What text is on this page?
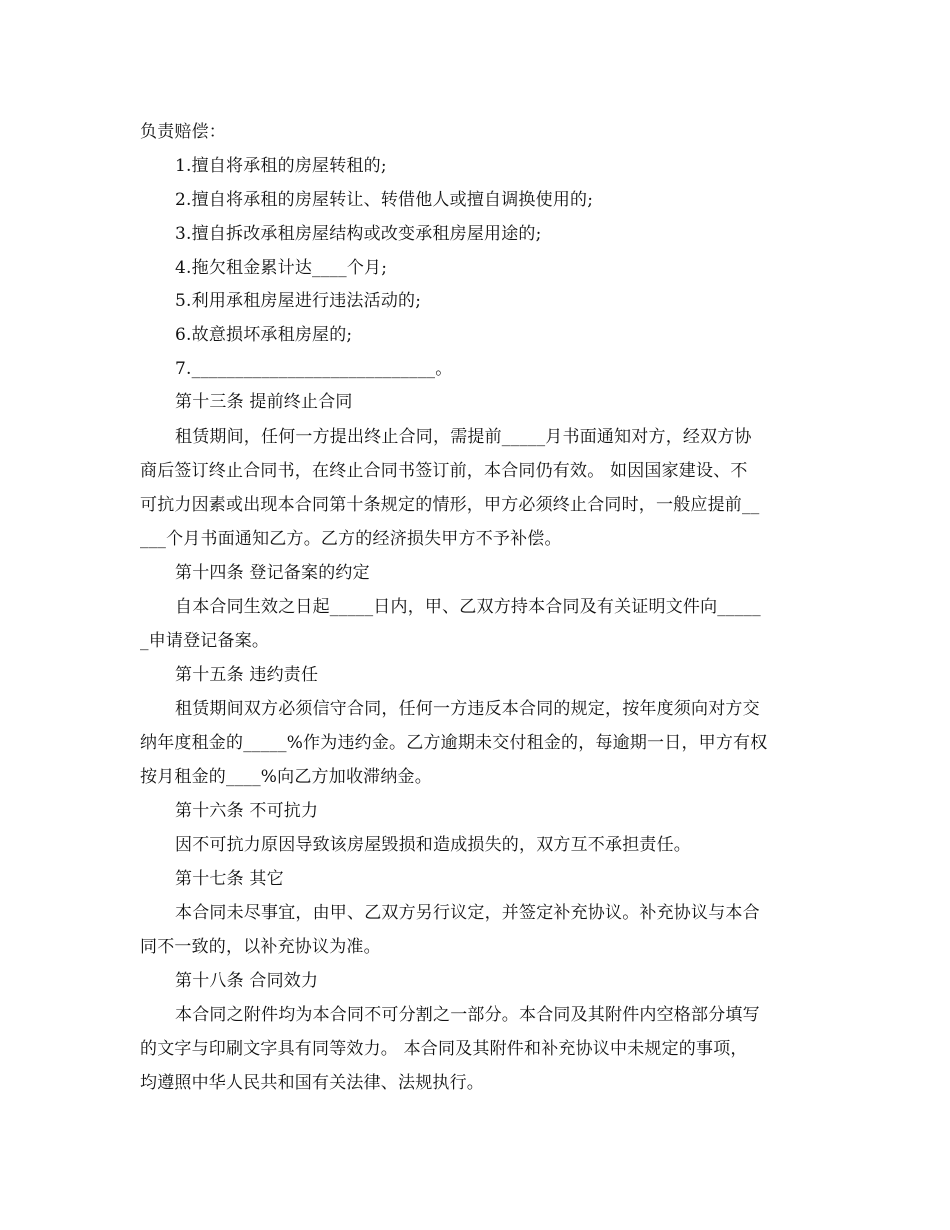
负责赔偿：
1.擅自将承租的房屋转租的;
2.擅自将承租的房屋转让、转借他人或擅自调换使用的;
3.擅自拆改承租房屋结构或改变承租房屋用途的;
4.拖欠租金累计达____个月;
5.利用承租房屋进行违法活动的;
6.故意损坏承租房屋的;
7.____________________________。
第十三条 提前终止合同
租赁期间，任何一方提出终止合同，需提前_____月书面通知对方，经双方协
商后签订终止合同书，在终止合同书签订前，本合同仍有效。 如因国家建设、不
可抗力因素或出现本合同第十条规定的情形，甲方必须终止合同时，一般应提前__
___个月书面通知乙方。乙方的经济损失甲方不予补偿。
第十四条 登记备案的约定
自本合同生效之日起_____日内，甲、乙双方持本合同及有关证明文件向_____
_申请登记备案。
第十五条 违约责任
租赁期间双方必须信守合同，任何一方违反本合同的规定，按年度须向对方交
纳年度租金的_____%作为违约金。乙方逾期未交付租金的，每逾期一日，甲方有权
按月租金的____%向乙方加收滞纳金。
第十六条 不可抗力
因不可抗力原因导致该房屋毁损和造成损失的，双方互不承担责任。
第十七条 其它
本合同未尽事宜，由甲、乙双方另行议定，并签定补充协议。补充协议与本合
同不一致的，以补充协议为准。
第十八条 合同效力
本合同之附件均为本合同不可分割之一部分。本合同及其附件内空格部分填写
的文字与印刷文字具有同等效力。 本合同及其附件和补充协议中未规定的事项，
均遵照中华人民共和国有关法律、法规执行。
